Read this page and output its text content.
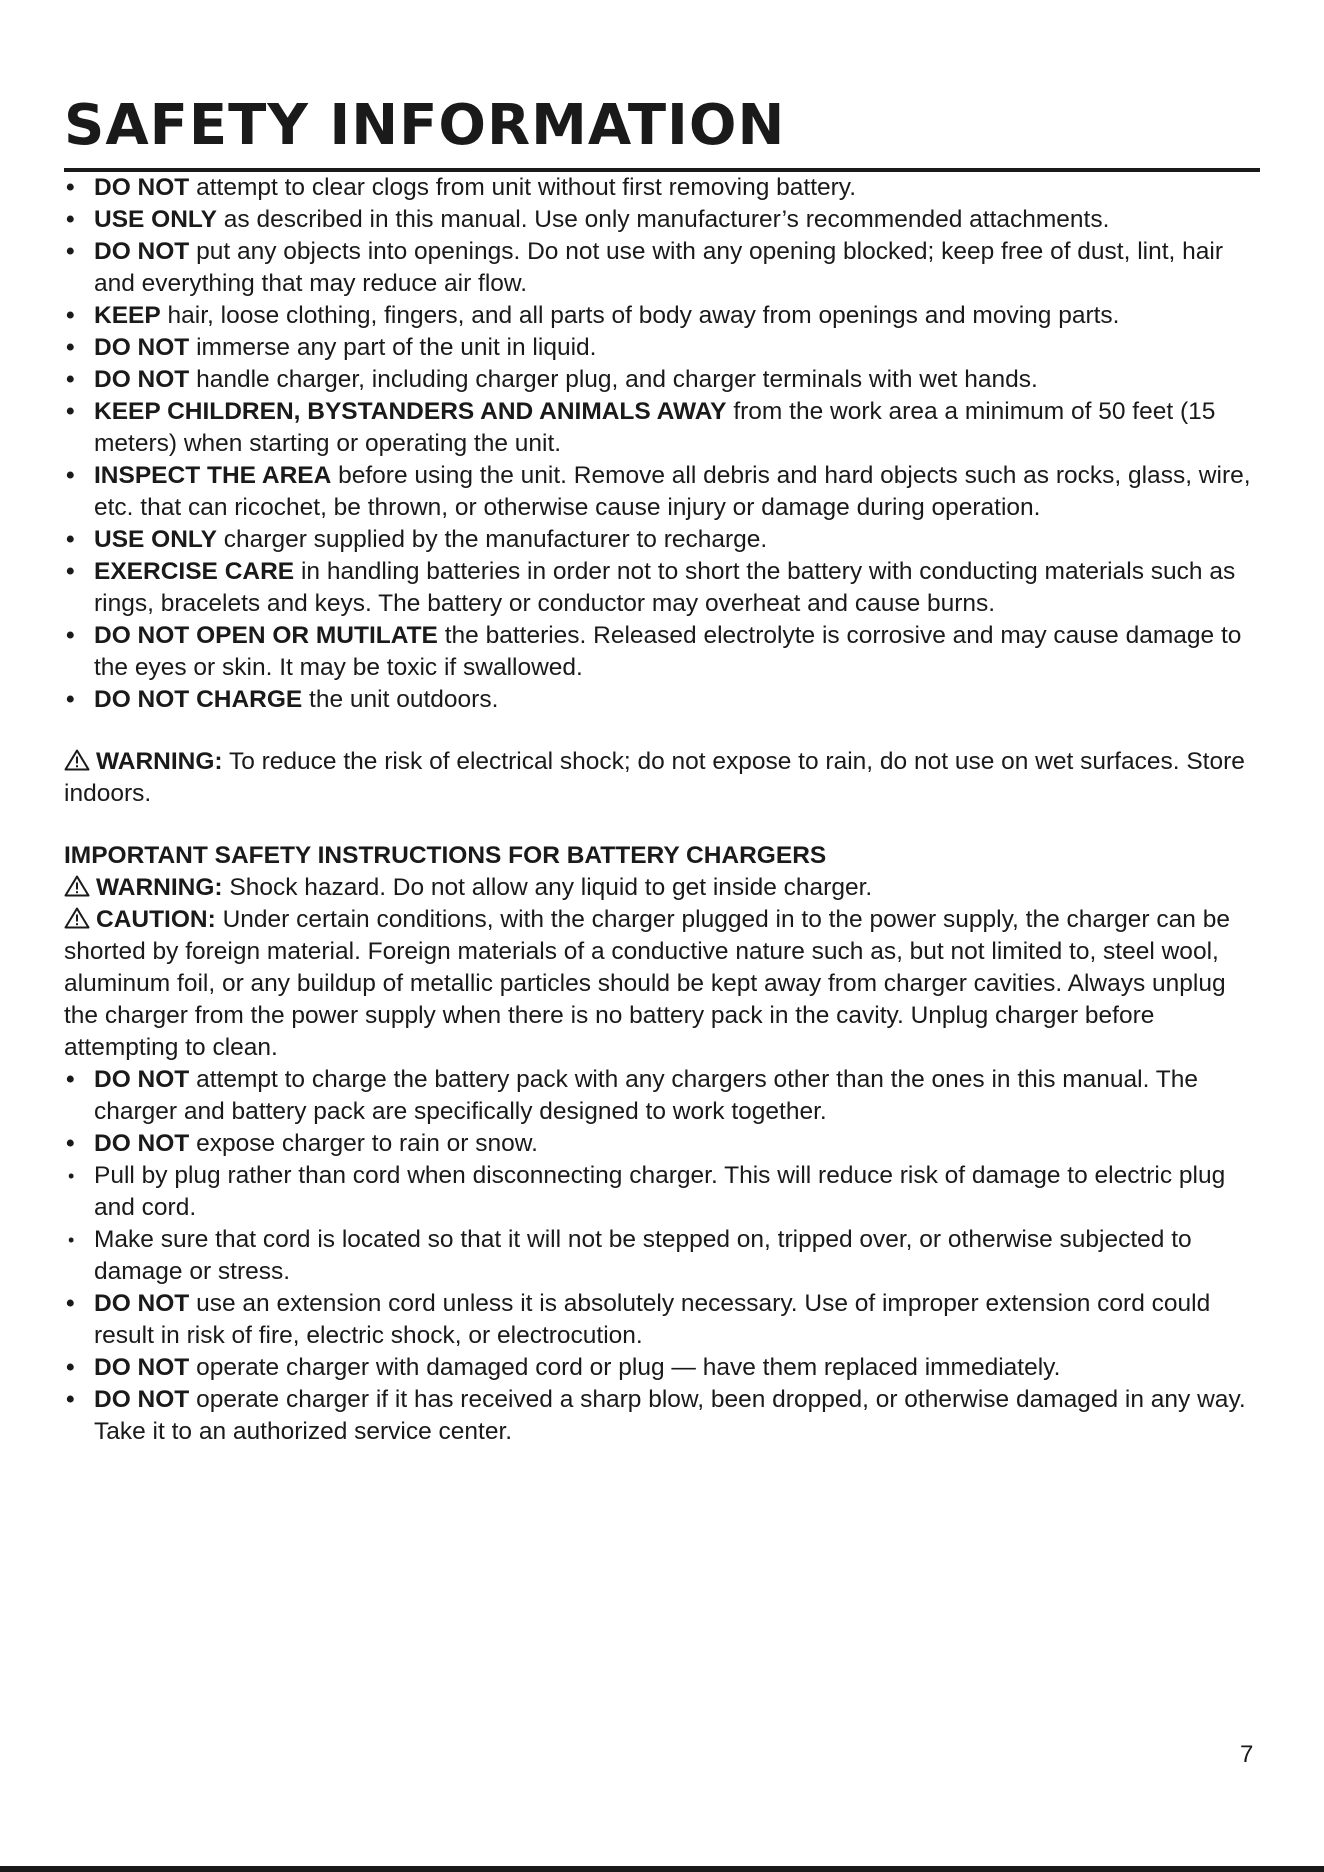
SAFETY INFORMATION
• DO NOT attempt to clear clogs from unit without first removing battery.
• USE ONLY as described in this manual. Use only manufacturer’s recommended attachments.
• DO NOT put any objects into openings. Do not use with any opening blocked; keep free of dust, lint, hair and everything that may reduce air flow.
• KEEP hair, loose clothing, fingers, and all parts of body away from openings and moving parts.
• DO NOT immerse any part of the unit in liquid.
• DO NOT handle charger, including charger plug, and charger terminals with wet hands.
• KEEP CHILDREN, BYSTANDERS AND ANIMALS AWAY from the work area a minimum of 50 feet (15 meters) when starting or operating the unit.
• INSPECT THE AREA before using the unit. Remove all debris and hard objects such as rocks, glass, wire, etc. that can ricochet, be thrown, or otherwise cause injury or damage during operation.
• USE ONLY charger supplied by the manufacturer to recharge.
• EXERCISE CARE in handling batteries in order not to short the battery with conducting materials such as rings, bracelets and keys. The battery or conductor may overheat and cause burns.
• DO NOT OPEN OR MUTILATE the batteries. Released electrolyte is corrosive and may cause damage to the eyes or skin. It may be toxic if swallowed.
• DO NOT CHARGE the unit outdoors.

WARNING: To reduce the risk of electrical shock; do not expose to rain, do not use on wet surfaces. Store indoors.

IMPORTANT SAFETY INSTRUCTIONS FOR BATTERY CHARGERS

WARNING: Shock hazard. Do not allow any liquid to get inside charger.

CAUTION: Under certain conditions, with the charger plugged in to the power supply, the charger can be shorted by foreign material. Foreign materials of a conductive nature such as, but not limited to, steel wool, aluminum foil, or any buildup of metallic particles should be kept away from charger cavities. Always unplug the charger from the power supply when there is no battery pack in the cavity. Unplug charger before attempting to clean.

• DO NOT attempt to charge the battery pack with any chargers other than the ones in this manual. The charger and battery pack are specifically designed to work together.
• DO NOT expose charger to rain or snow.
• Pull by plug rather than cord when disconnecting charger. This will reduce risk of damage to electric plug and cord.
• Make sure that cord is located so that it will not be stepped on, tripped over, or otherwise subjected to damage or stress.
• DO NOT use an extension cord unless it is absolutely necessary. Use of improper extension cord could result in risk of fire, electric shock, or electrocution.
• DO NOT operate charger with damaged cord or plug — have them replaced immediately.
• DO NOT operate charger if it has received a sharp blow, been dropped, or otherwise damaged in any way. Take it to an authorized service center.
7
